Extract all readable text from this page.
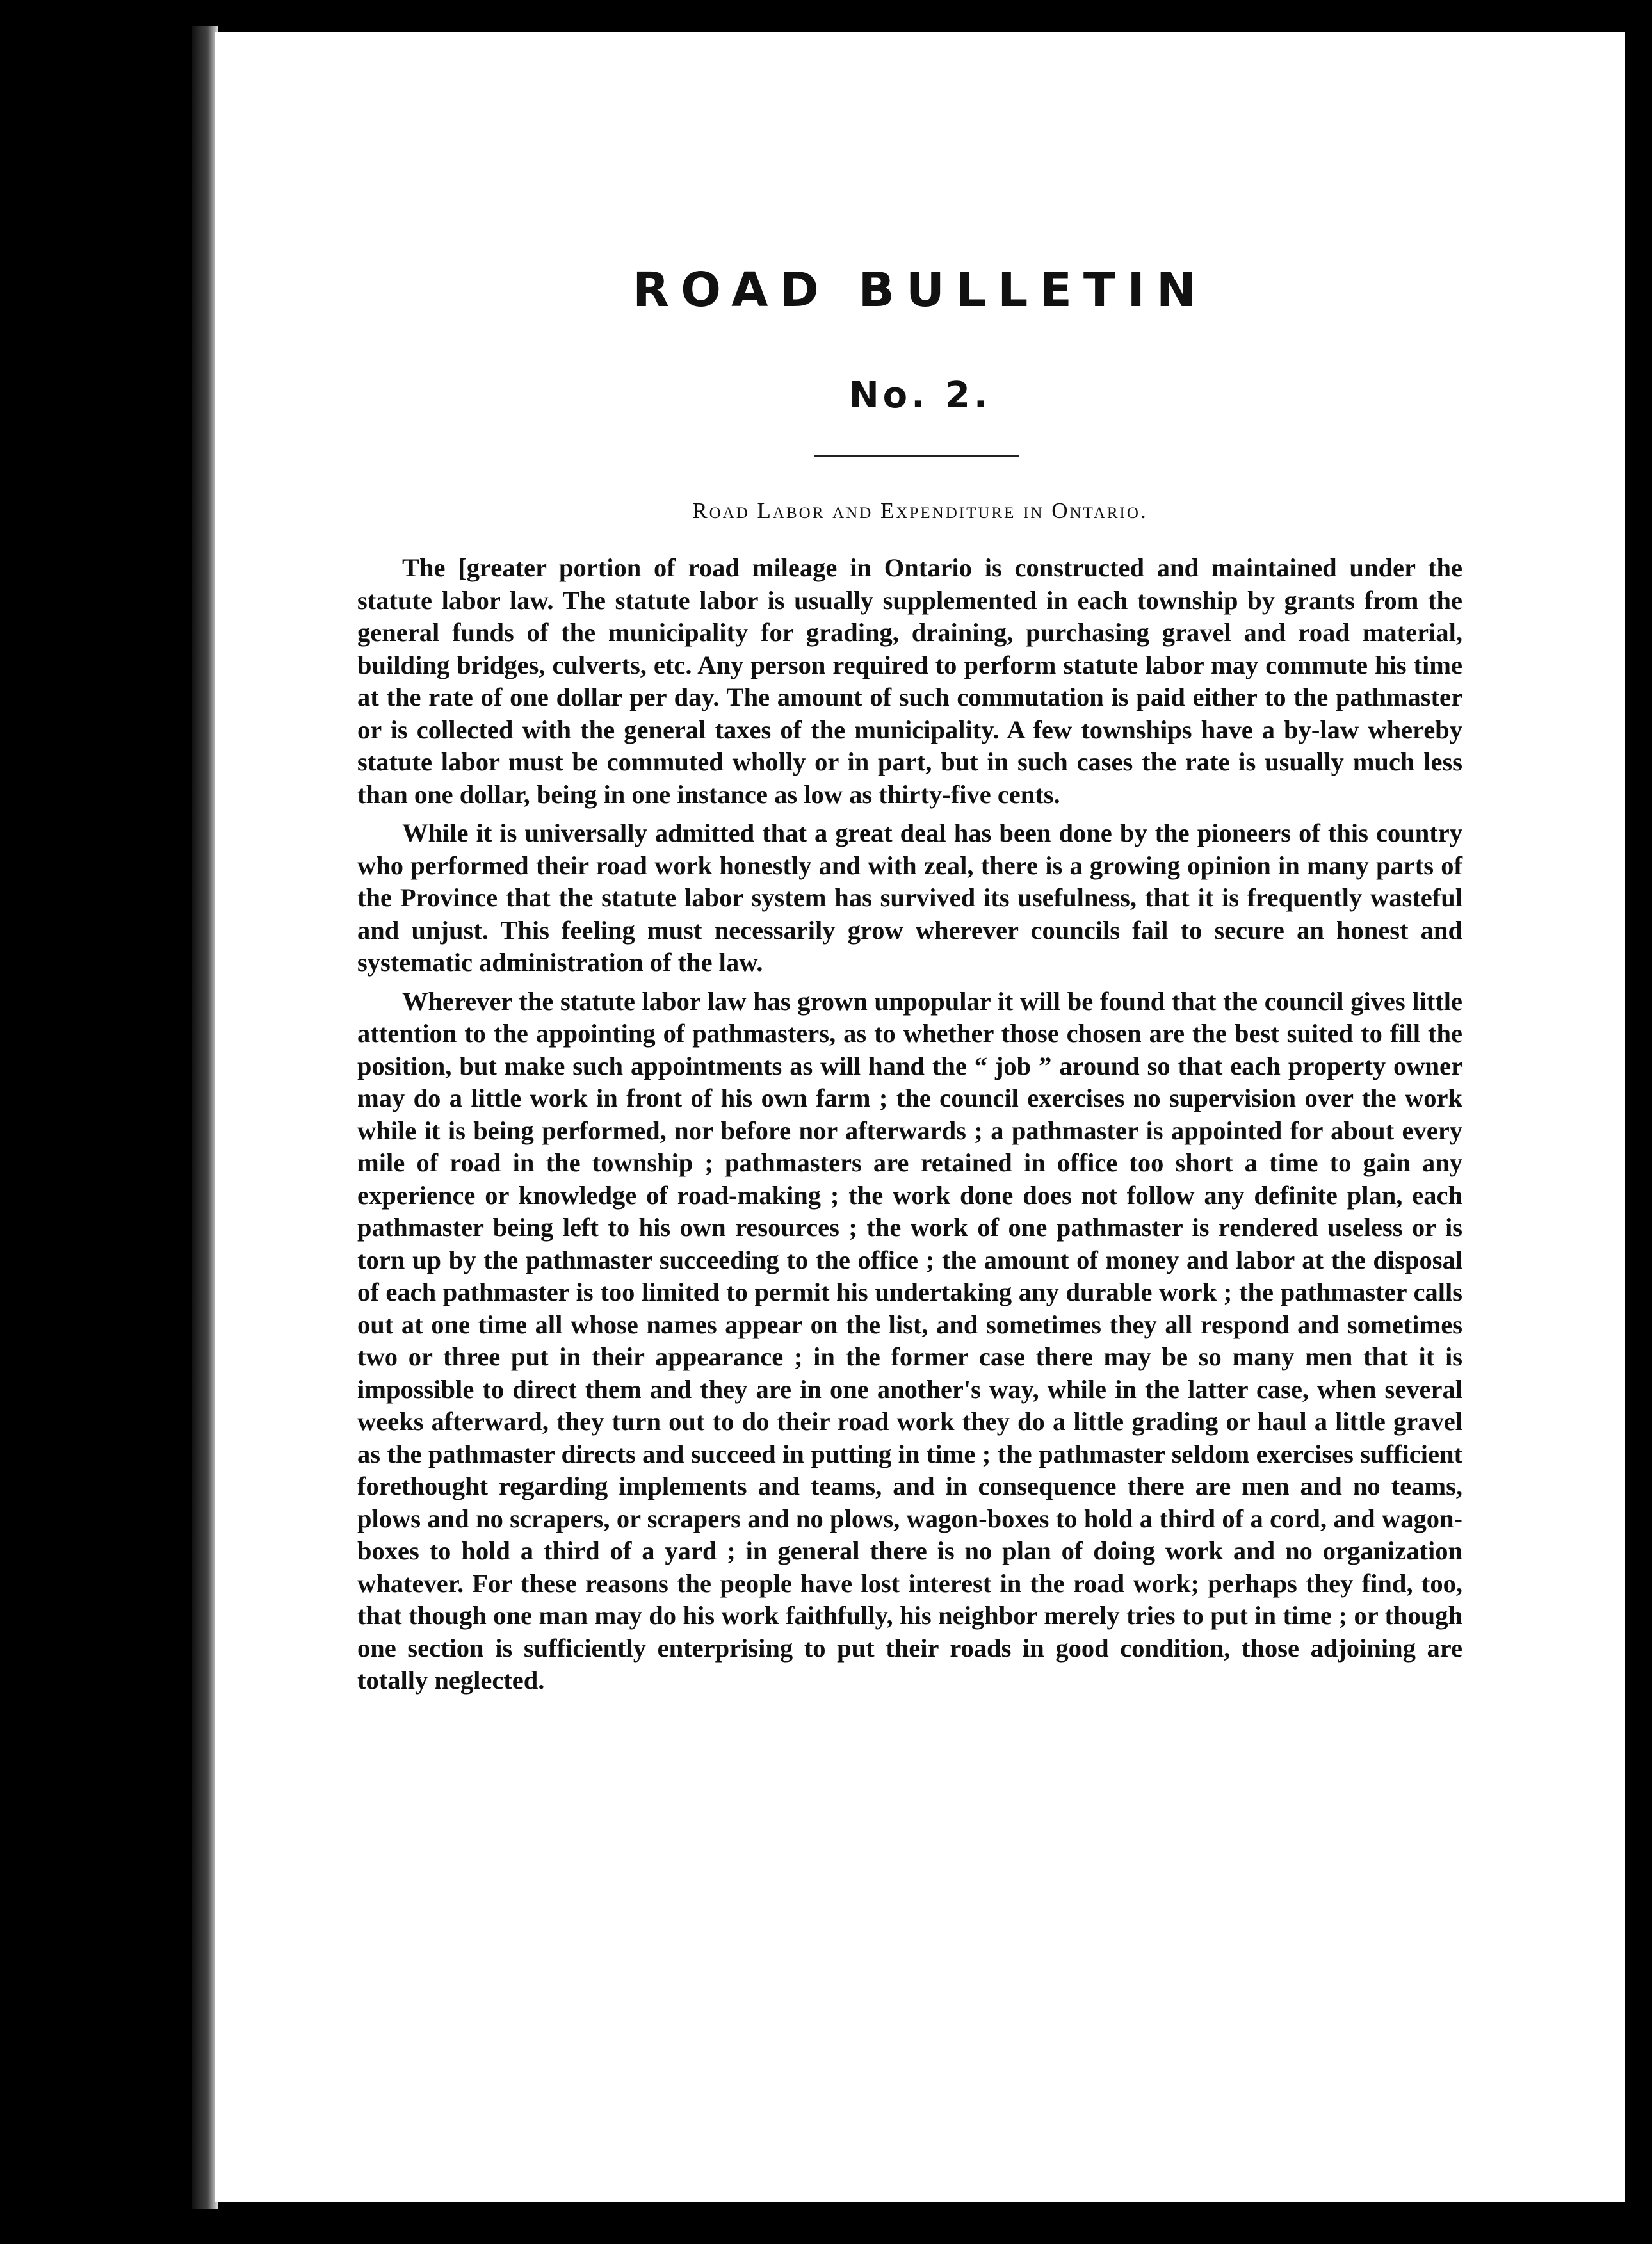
ROAD BULLETIN
No. 2.
Road Labor and Expenditure in Ontario.

The [greater portion of road mileage in Ontario is constructed and maintained under the statute labor law. The statute labor is usually supplemented in each township by grants from the general funds of the municipality for grading, draining, purchasing gravel and road material, building bridges, culverts, etc. Any person required to perform statute labor may commute his time at the rate of one dollar per day. The amount of such commutation is paid either to the pathmaster or is collected with the general taxes of the municipality. A few townships have a by-law whereby statute labor must be commuted wholly or in part, but in such cases the rate is usually much less than one dollar, being in one instance as low as thirty-five cents.

While it is universally admitted that a great deal has been done by the pioneers of this country who performed their road work honestly and with zeal, there is a growing opinion in many parts of the Province that the statute labor system has survived its usefulness, that it is frequently wasteful and unjust. This feeling must necessarily grow wherever councils fail to secure an honest and systematic administration of the law.

Wherever the statute labor law has grown unpopular it will be found that the council gives little attention to the appointing of pathmasters, as to whether those chosen are the best suited to fill the position, but make such appointments as will hand the “ job ” around so that each property owner may do a little work in front of his own farm ; the council exercises no supervision over the work while it is being performed, nor before nor afterwards ; a pathmaster is appointed for about every mile of road in the township ; pathmasters are retained in office too short a time to gain any experience or knowledge of road-making ; the work done does not follow any definite plan, each pathmaster being left to his own resources ; the work of one pathmaster is rendered useless or is torn up by the pathmaster succeeding to the office ; the amount of money and labor at the disposal of each pathmaster is too limited to permit his undertaking any durable work ; the pathmaster calls out at one time all whose names appear on the list, and sometimes they all respond and sometimes two or three put in their appearance ; in the former case there may be so many men that it is impossible to direct them and they are in one another's way, while in the latter case, when several weeks afterward, they turn out to do their road work they do a little grading or haul a little gravel as the pathmaster directs and succeed in putting in time ; the pathmaster seldom exercises sufficient forethought regarding implements and teams, and in consequence there are men and no teams, plows and no scrapers, or scrapers and no plows, wagon-boxes to hold a third of a cord, and wagon-boxes to hold a third of a yard ; in general there is no plan of doing work and no organization whatever. For these reasons the people have lost interest in the road work; perhaps they find, too, that though one man may do his work faithfully, his neighbor merely tries to put in time ; or though one section is sufficiently enterprising to put their roads in good condition, those adjoining are totally neglected.
